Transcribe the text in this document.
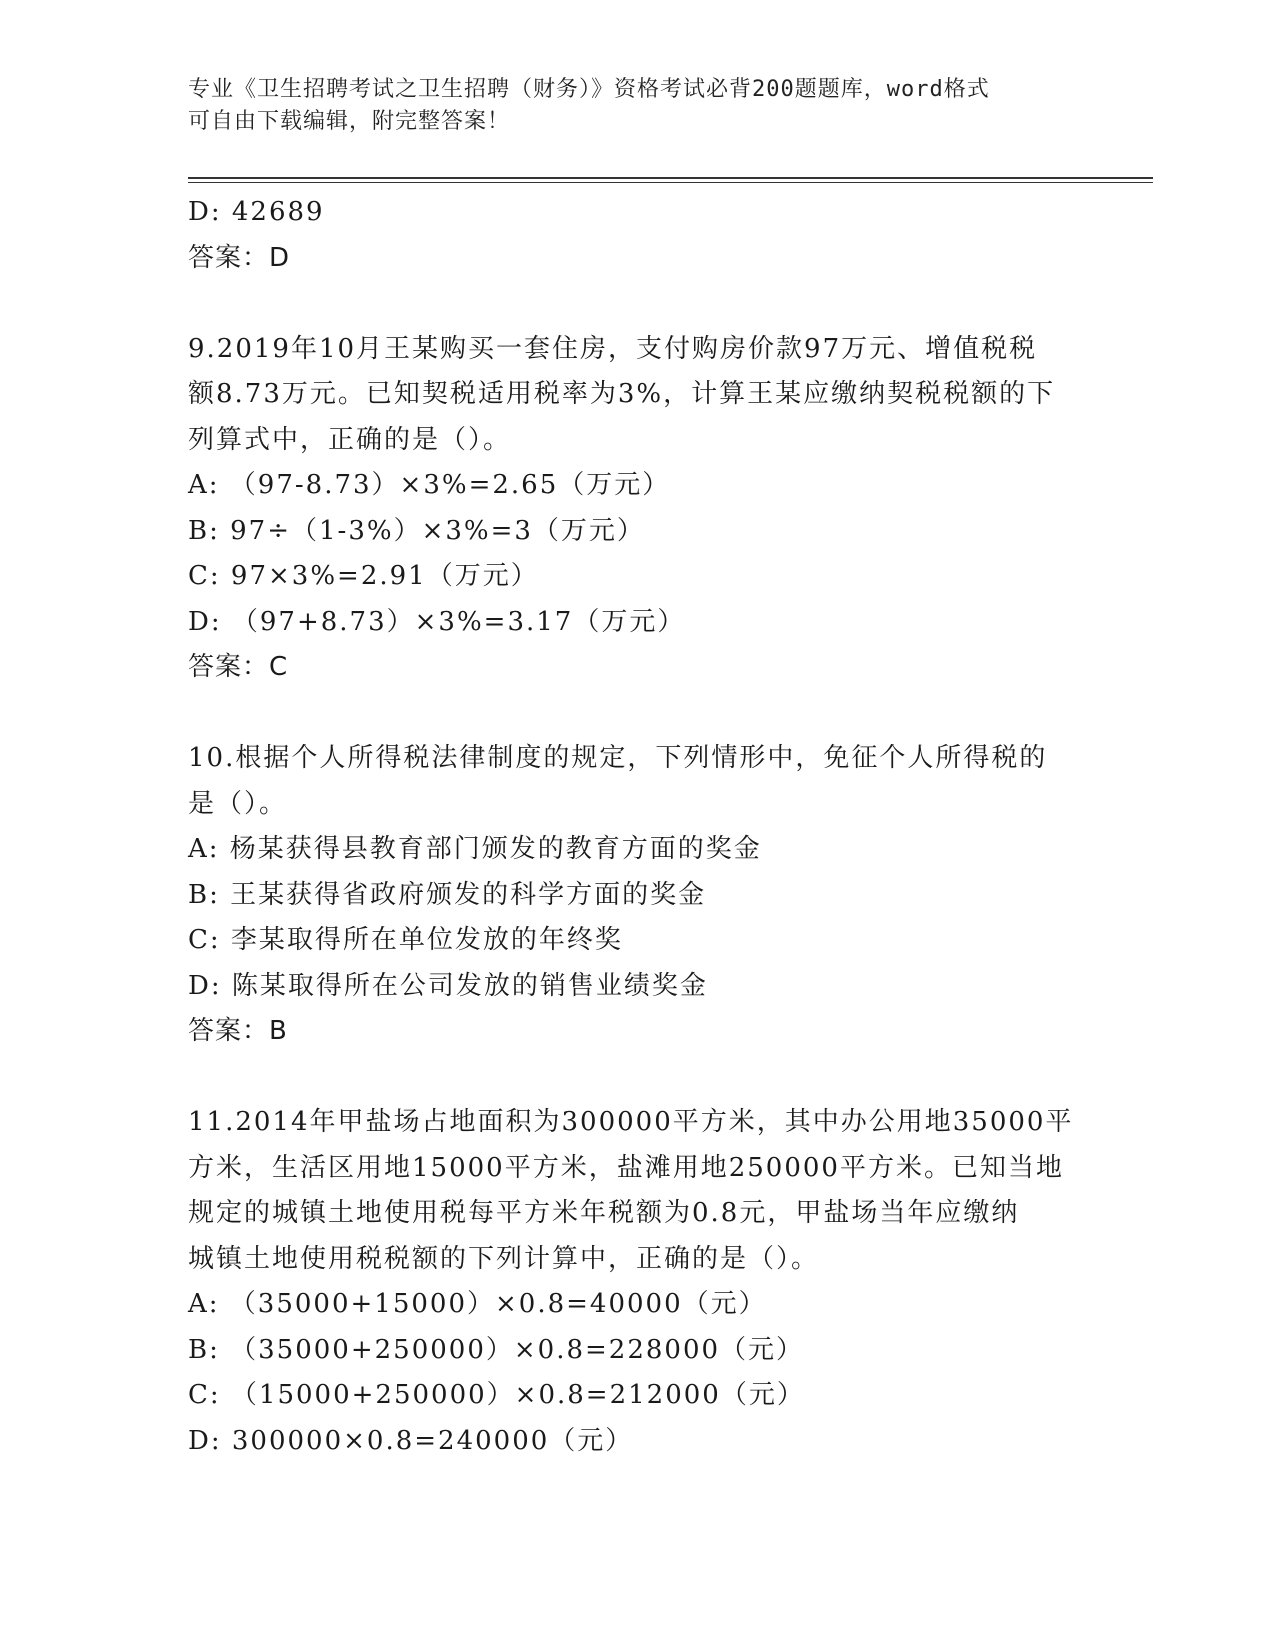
专业《卫生招聘考试之卫生招聘（财务）》资格考试必背200题题库，word格式
可自由下载编辑，附完整答案！
D: 42689
答案：D
9.2019年10月王某购买一套住房，支付购房价款97万元、增值税税
额8.73万元。已知契税适用税率为3%，计算王某应缴纳契税税额的下
列算式中，正确的是（）。
A: （97-8.73）×3%=2.65（万元）
B: 97÷（1-3%）×3%=3（万元）
C: 97×3%=2.91（万元）
D: （97+8.73）×3%=3.17（万元）
答案：C
10.根据个人所得税法律制度的规定，下列情形中，免征个人所得税的
是（）。
A: 杨某获得县教育部门颁发的教育方面的奖金
B: 王某获得省政府颁发的科学方面的奖金
C: 李某取得所在单位发放的年终奖
D: 陈某取得所在公司发放的销售业绩奖金
答案：B
11.2014年甲盐场占地面积为300000平方米，其中办公用地35000平
方米，生活区用地15000平方米，盐滩用地250000平方米。已知当地
规定的城镇土地使用税每平方米年税额为0.8元，甲盐场当年应缴纳
城镇土地使用税税额的下列计算中，正确的是（）。
A: （35000+15000）×0.8=40000（元）
B: （35000+250000）×0.8=228000（元）
C: （15000+250000）×0.8=212000（元）
D: 300000×0.8=240000（元）
